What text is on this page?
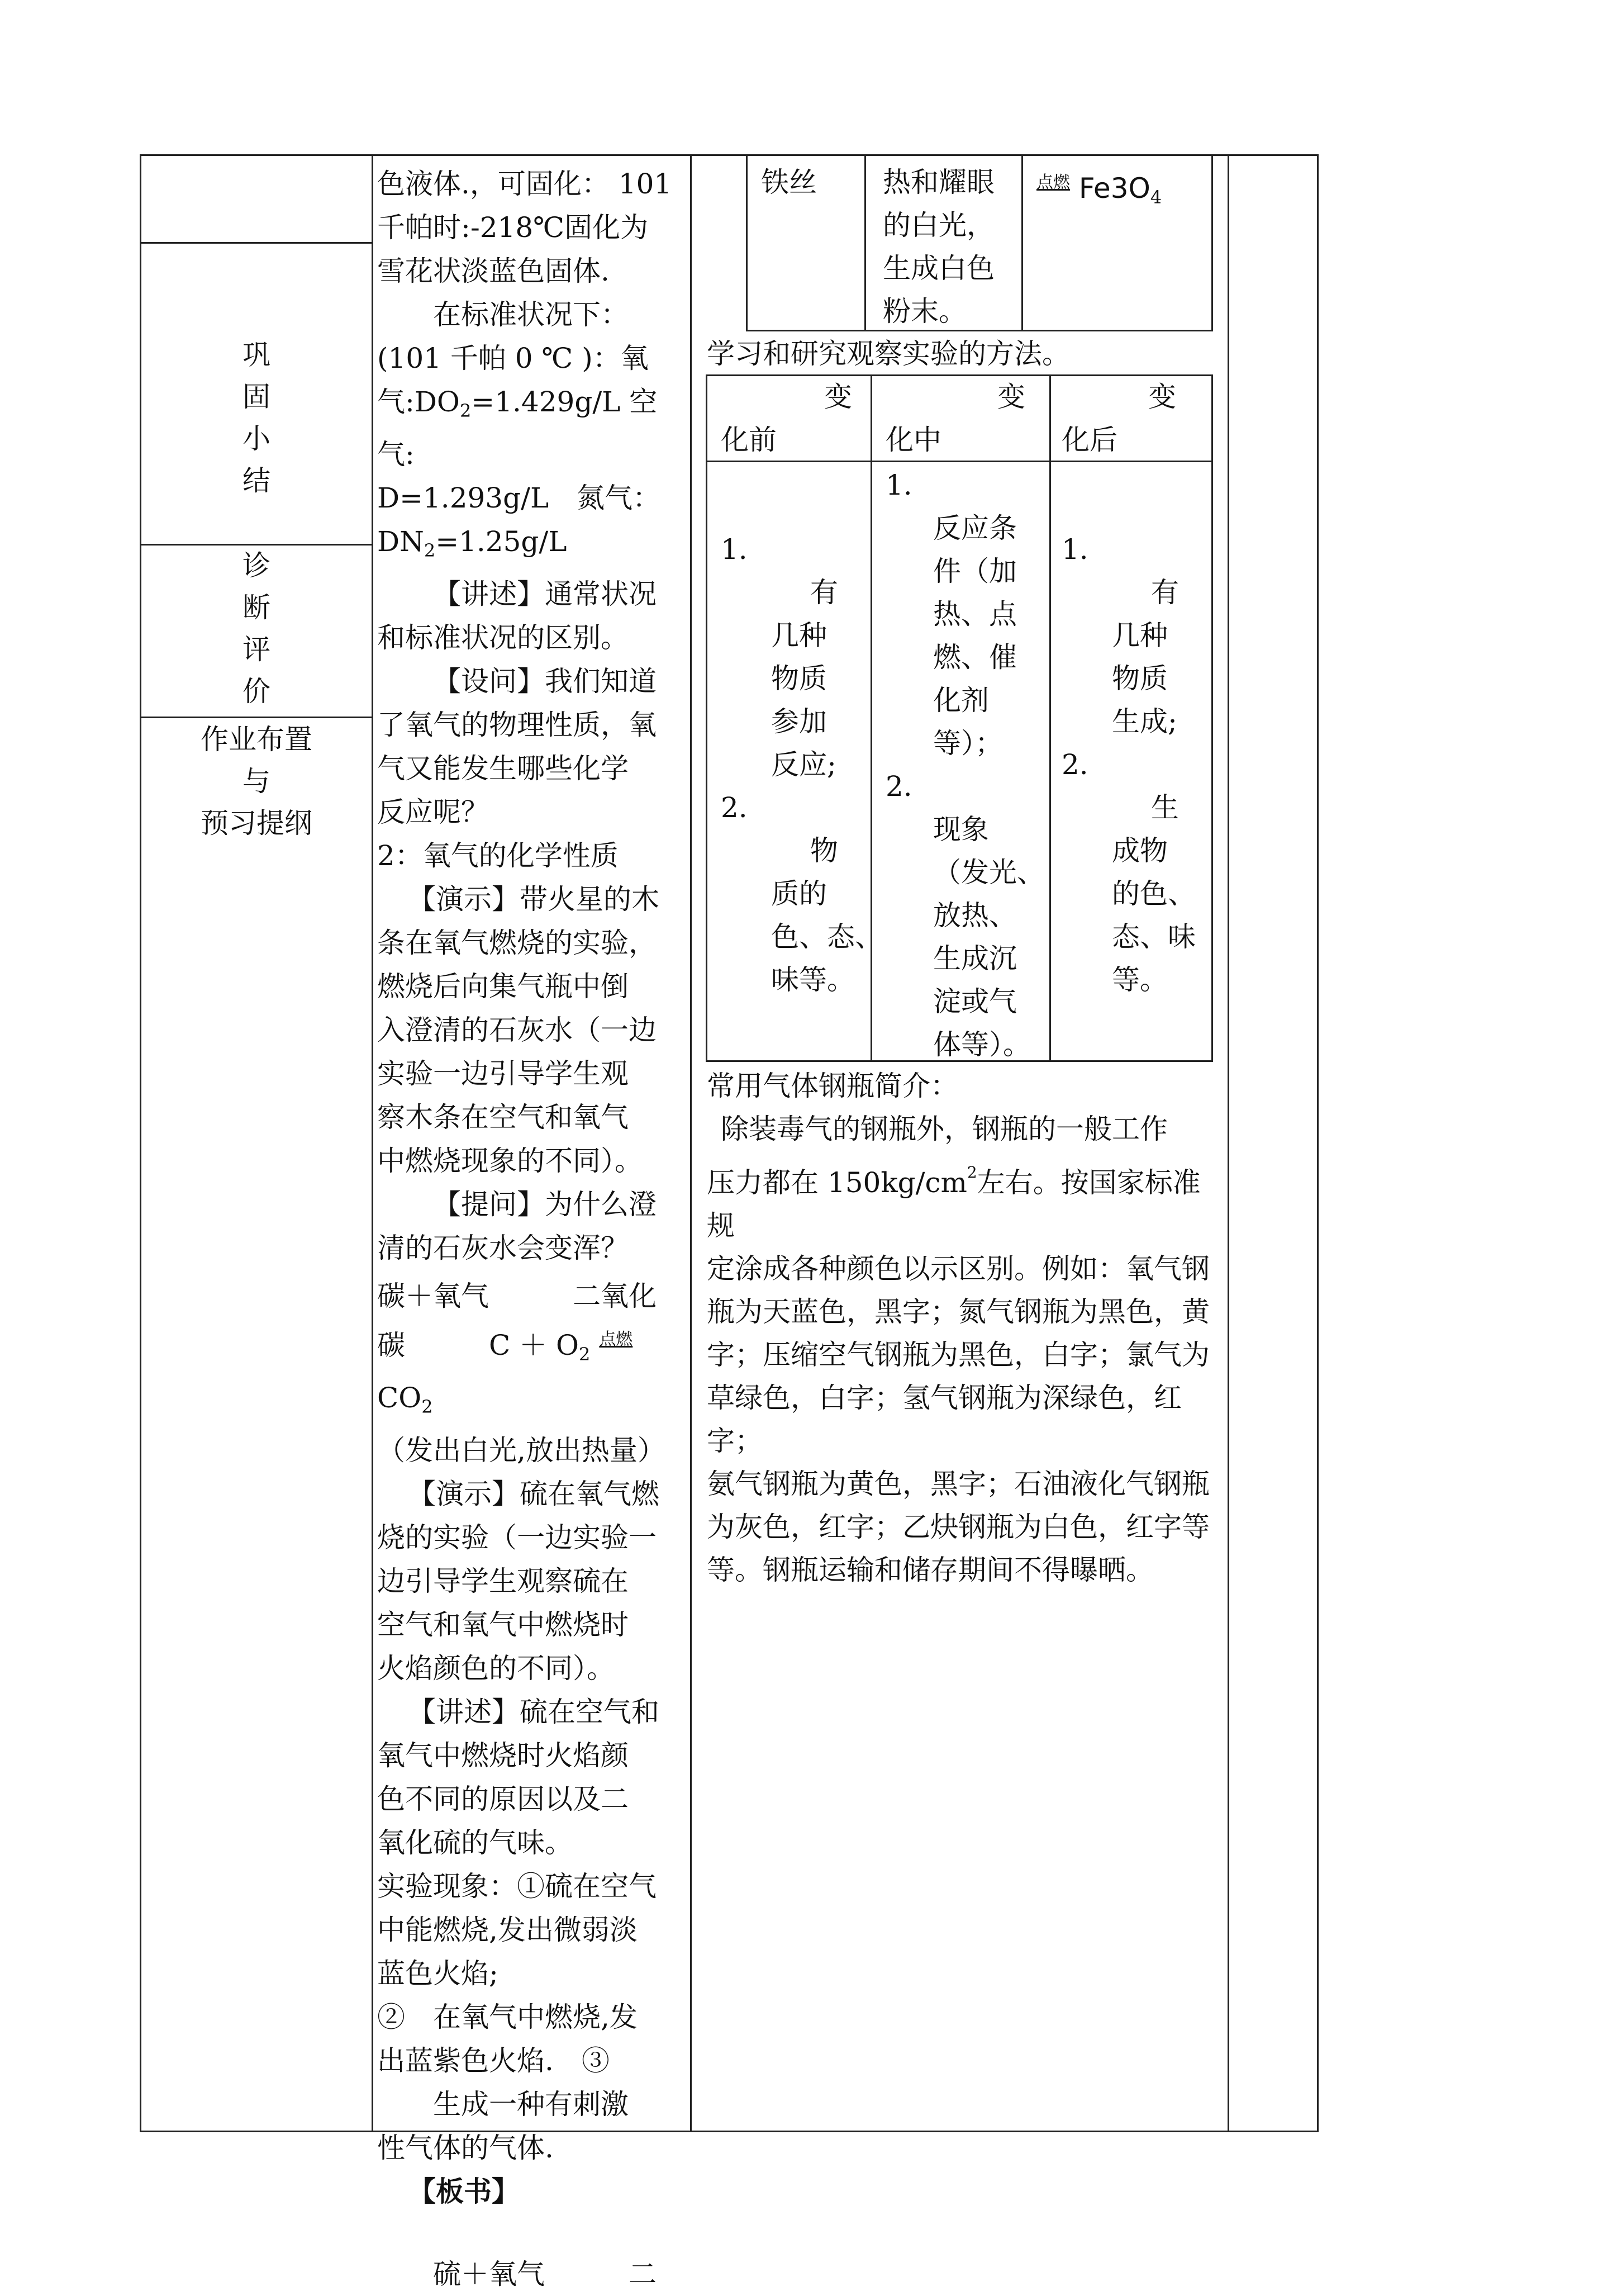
巩
固
小
结
诊
断
评
价
作业布置
与
预习提纲

色液体.，可固化： 101

千帕时:-218℃固化为

雪花状淡蓝色固体.

在标准状况下：

(101 千帕 0 ℃ )：氧

气$:DO_2=1.429g/L$ 空气:

D=1.293g/L　氮气：

$DN_2=1.25g/L$

【讲述】通常状况

和标准状况的区别。

【设问】我们知道

了氧气的物理性质，氧

气又能发生哪些化学

反应呢？

2：氧气的化学性质

【演示】带火星的木

条在氧气燃烧的实验，

燃烧后向集气瓶中倒

入澄清的石灰水（一边

实验一边引导学生观

察木条在空气和氧气

中燃烧现象的不同）。

【提问】为什么澄

清的石灰水会变浑？

碳＋氧气　　　二氧化

碳　　　$C + O_2$ $^{点燃}$ $CO_2$

（发出白光,放出热量）

【演示】硫在氧气燃

烧的实验（一边实验一

边引导学生观察硫在

空气和氧气中燃烧时

火焰颜色的不同）。

【讲述】硫在空气和

氧气中燃烧时火焰颜

色不同的原因以及二

氧化硫的气味。

实验现象：①硫在空气

中能燃烧,发出微弱淡

蓝色火焰;

②　在氧气中燃烧,发

出蓝紫色火焰.　③

生成一种有刺激

性气体的气体.

【板书】

硫＋氧气　　　二

铁丝 热和耀眼
的白光，
生成白色
粉末。
$^{点燃}$ $Fe3O_4$
学习和研究观察实验的方法。
变
化前
变
化中
变
化后
1.
有
几种
物质
参加
反应;
2.
物
质的
色、态、
味等。
1.
反应条
件（加
热、点
燃、催
化剂
等）；
2.
现象
（发光、
放热、
生成沉
淀或气
体等）。
1.
有
几种
物质
生成;
2.
生
成物
的色、
态、味
等。
常用气体钢瓶简介：
除装毒气的钢瓶外，钢瓶的一般工作
压力都在 $150kg/cm^2$左右。按国家标准规
定涂成各种颜色以示区别。例如：氧气钢
瓶为天蓝色，黑字；氮气钢瓶为黑色，黄
字；压缩空气钢瓶为黑色，白字；氯气为
草绿色，白字；氢气钢瓶为深绿色，红字；
氨气钢瓶为黄色，黑字；石油液化气钢瓶
为灰色，红字；乙炔钢瓶为白色，红字等
等。钢瓶运输和储存期间不得曝晒。
